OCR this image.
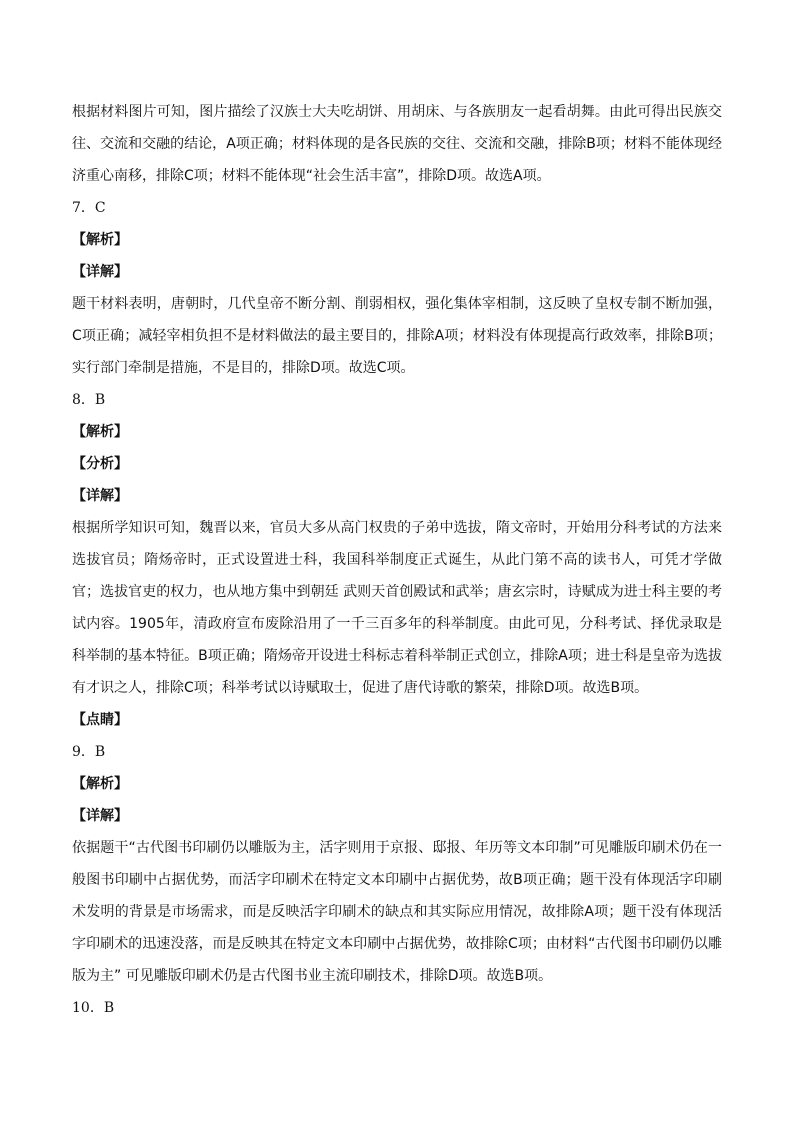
根据材料图片可知，图片描绘了汉族士大夫吃胡饼、用胡床、与各族朋友一起看胡舞。由此可得出民族交往、交流和交融的结论，A项正确；材料体现的是各民族的交往、交流和交融，排除B项；材料不能体现经济重心南移，排除C项；材料不能体现“社会生活丰富”，排除D项。故选A项。

7．C

【解析】

【详解】

题干材料表明，唐朝时，几代皇帝不断分割、削弱相权，强化集体宰相制，这反映了皇权专制不断加强，C项正确；减轻宰相负担不是材料做法的最主要目的，排除A项；材料没有体现提高行政效率，排除B项；实行部门牵制是措施，不是目的，排除D项。故选C项。

8．B

【解析】

【分析】

【详解】

根据所学知识可知，魏晋以来，官员大多从高门权贵的子弟中选拔，隋文帝时，开始用分科考试的方法来选拔官员；隋炀帝时，正式设置进士科，我国科举制度正式诞生，从此门第不高的读书人，可凭才学做官；选拔官吏的权力，也从地方集中到朝廷 武则天首创殿试和武举；唐玄宗时，诗赋成为进士科主要的考试内容。1905年，清政府宣布废除沿用了一千三百多年的科举制度。由此可见，分科考试、择优录取是科举制的基本特征。B项正确；隋炀帝开设进士科标志着科举制正式创立，排除A项；进士科是皇帝为选拔有才识之人，排除C项；科举考试以诗赋取士，促进了唐代诗歌的繁荣，排除D项。故选B项。

【点睛】

9．B

【解析】

【详解】

依据题干“古代图书印刷仍以雕版为主，活字则用于京报、邸报、年历等文本印制”可见雕版印刷术仍在一般图书印刷中占据优势，而活字印刷术在特定文本印刷中占据优势，故B项正确；题干没有体现活字印刷术发明的背景是市场需求，而是反映活字印刷术的缺点和其实际应用情况，故排除A项；题干没有体现活字印刷术的迅速没落，而是反映其在特定文本印刷中占据优势，故排除C项；由材料“古代图书印刷仍以雕版为主” 可见雕版印刷术仍是古代图书业主流印刷技术，排除D项。故选B项。

10．B
